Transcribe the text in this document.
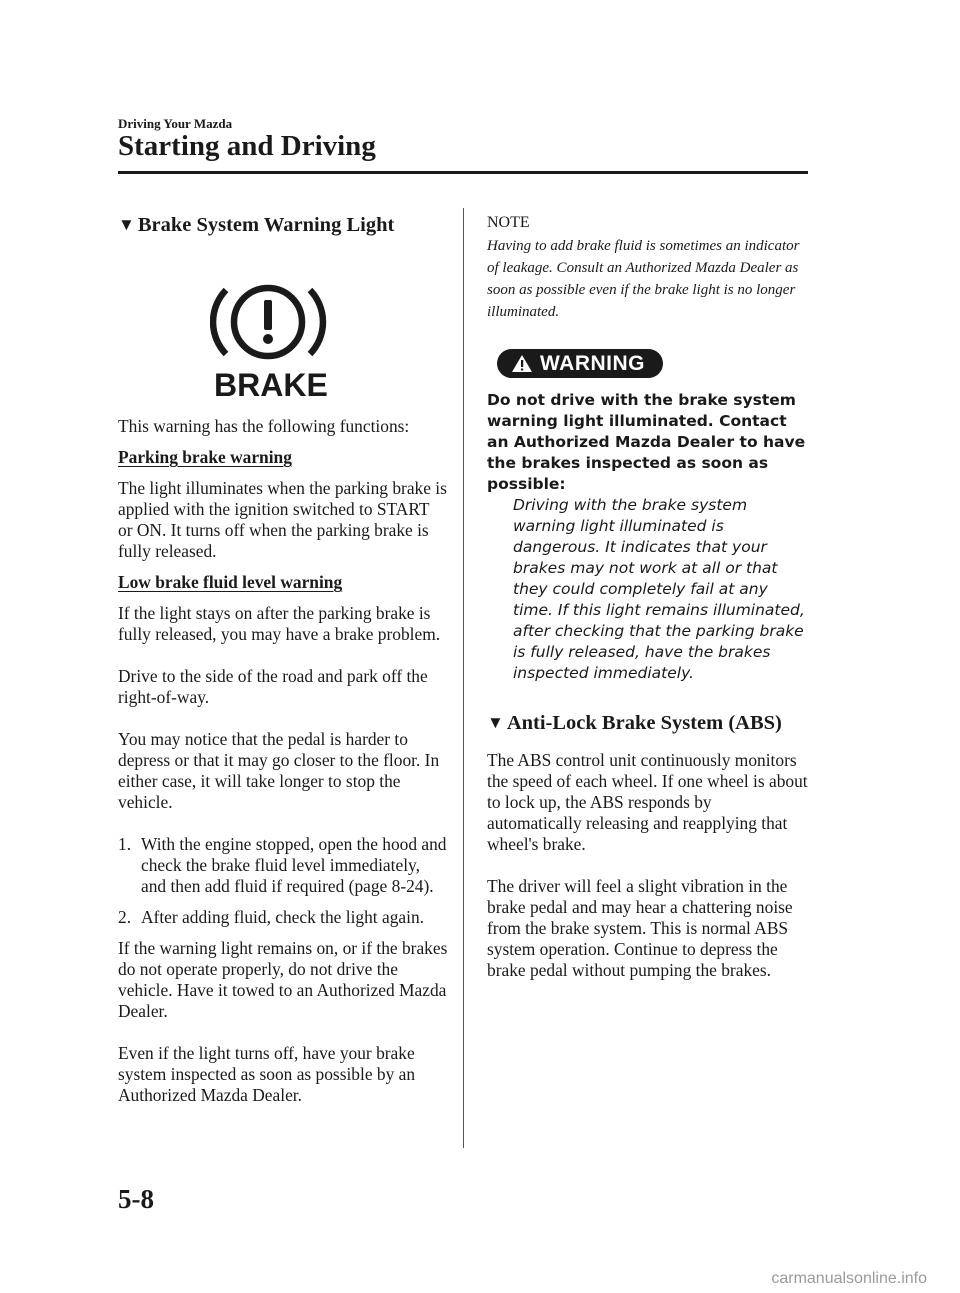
Driving Your Mazda
Starting and Driving
▼ Brake System Warning Light
BRAKE

This warning has the following functions:

Parking brake warning

The light illuminates when the parking brake is applied with the ignition switched to START or ON. It turns off when the parking brake is fully released.

Low brake fluid level warning

If the light stays on after the parking brake is fully released, you may have a brake problem.

Drive to the side of the road and park off the right-of-way.

You may notice that the pedal is harder to depress or that it may go closer to the floor. In either case, it will take longer to stop the vehicle.

1. With the engine stopped, open the hood and check the brake fluid level immediately, and then add fluid if required (page 8-24).
2. After adding fluid, check the light again.

If the warning light remains on, or if the brakes do not operate properly, do not drive the vehicle. Have it towed to an Authorized Mazda Dealer.

Even if the light turns off, have your brake system inspected as soon as possible by an Authorized Mazda Dealer.

NOTE

Having to add brake fluid is sometimes an indicator of leakage. Consult an Authorized Mazda Dealer as soon as possible even if the brake light is no longer illuminated.

WARNING

Do not drive with the brake system warning light illuminated. Contact an Authorized Mazda Dealer to have the brakes inspected as soon as possible:

Driving with the brake system warning light illuminated is dangerous. It indicates that your brakes may not work at all or that they could completely fail at any time. If this light remains illuminated, after checking that the parking brake is fully released, have the brakes inspected immediately.

▼ Anti-Lock Brake System (ABS)

The ABS control unit continuously monitors the speed of each wheel. If one wheel is about to lock up, the ABS responds by automatically releasing and reapplying that wheel's brake.

The driver will feel a slight vibration in the brake pedal and may hear a chattering noise from the brake system. This is normal ABS system operation. Continue to depress the brake pedal without pumping the brakes.

5-8
carmanualsonline.info
